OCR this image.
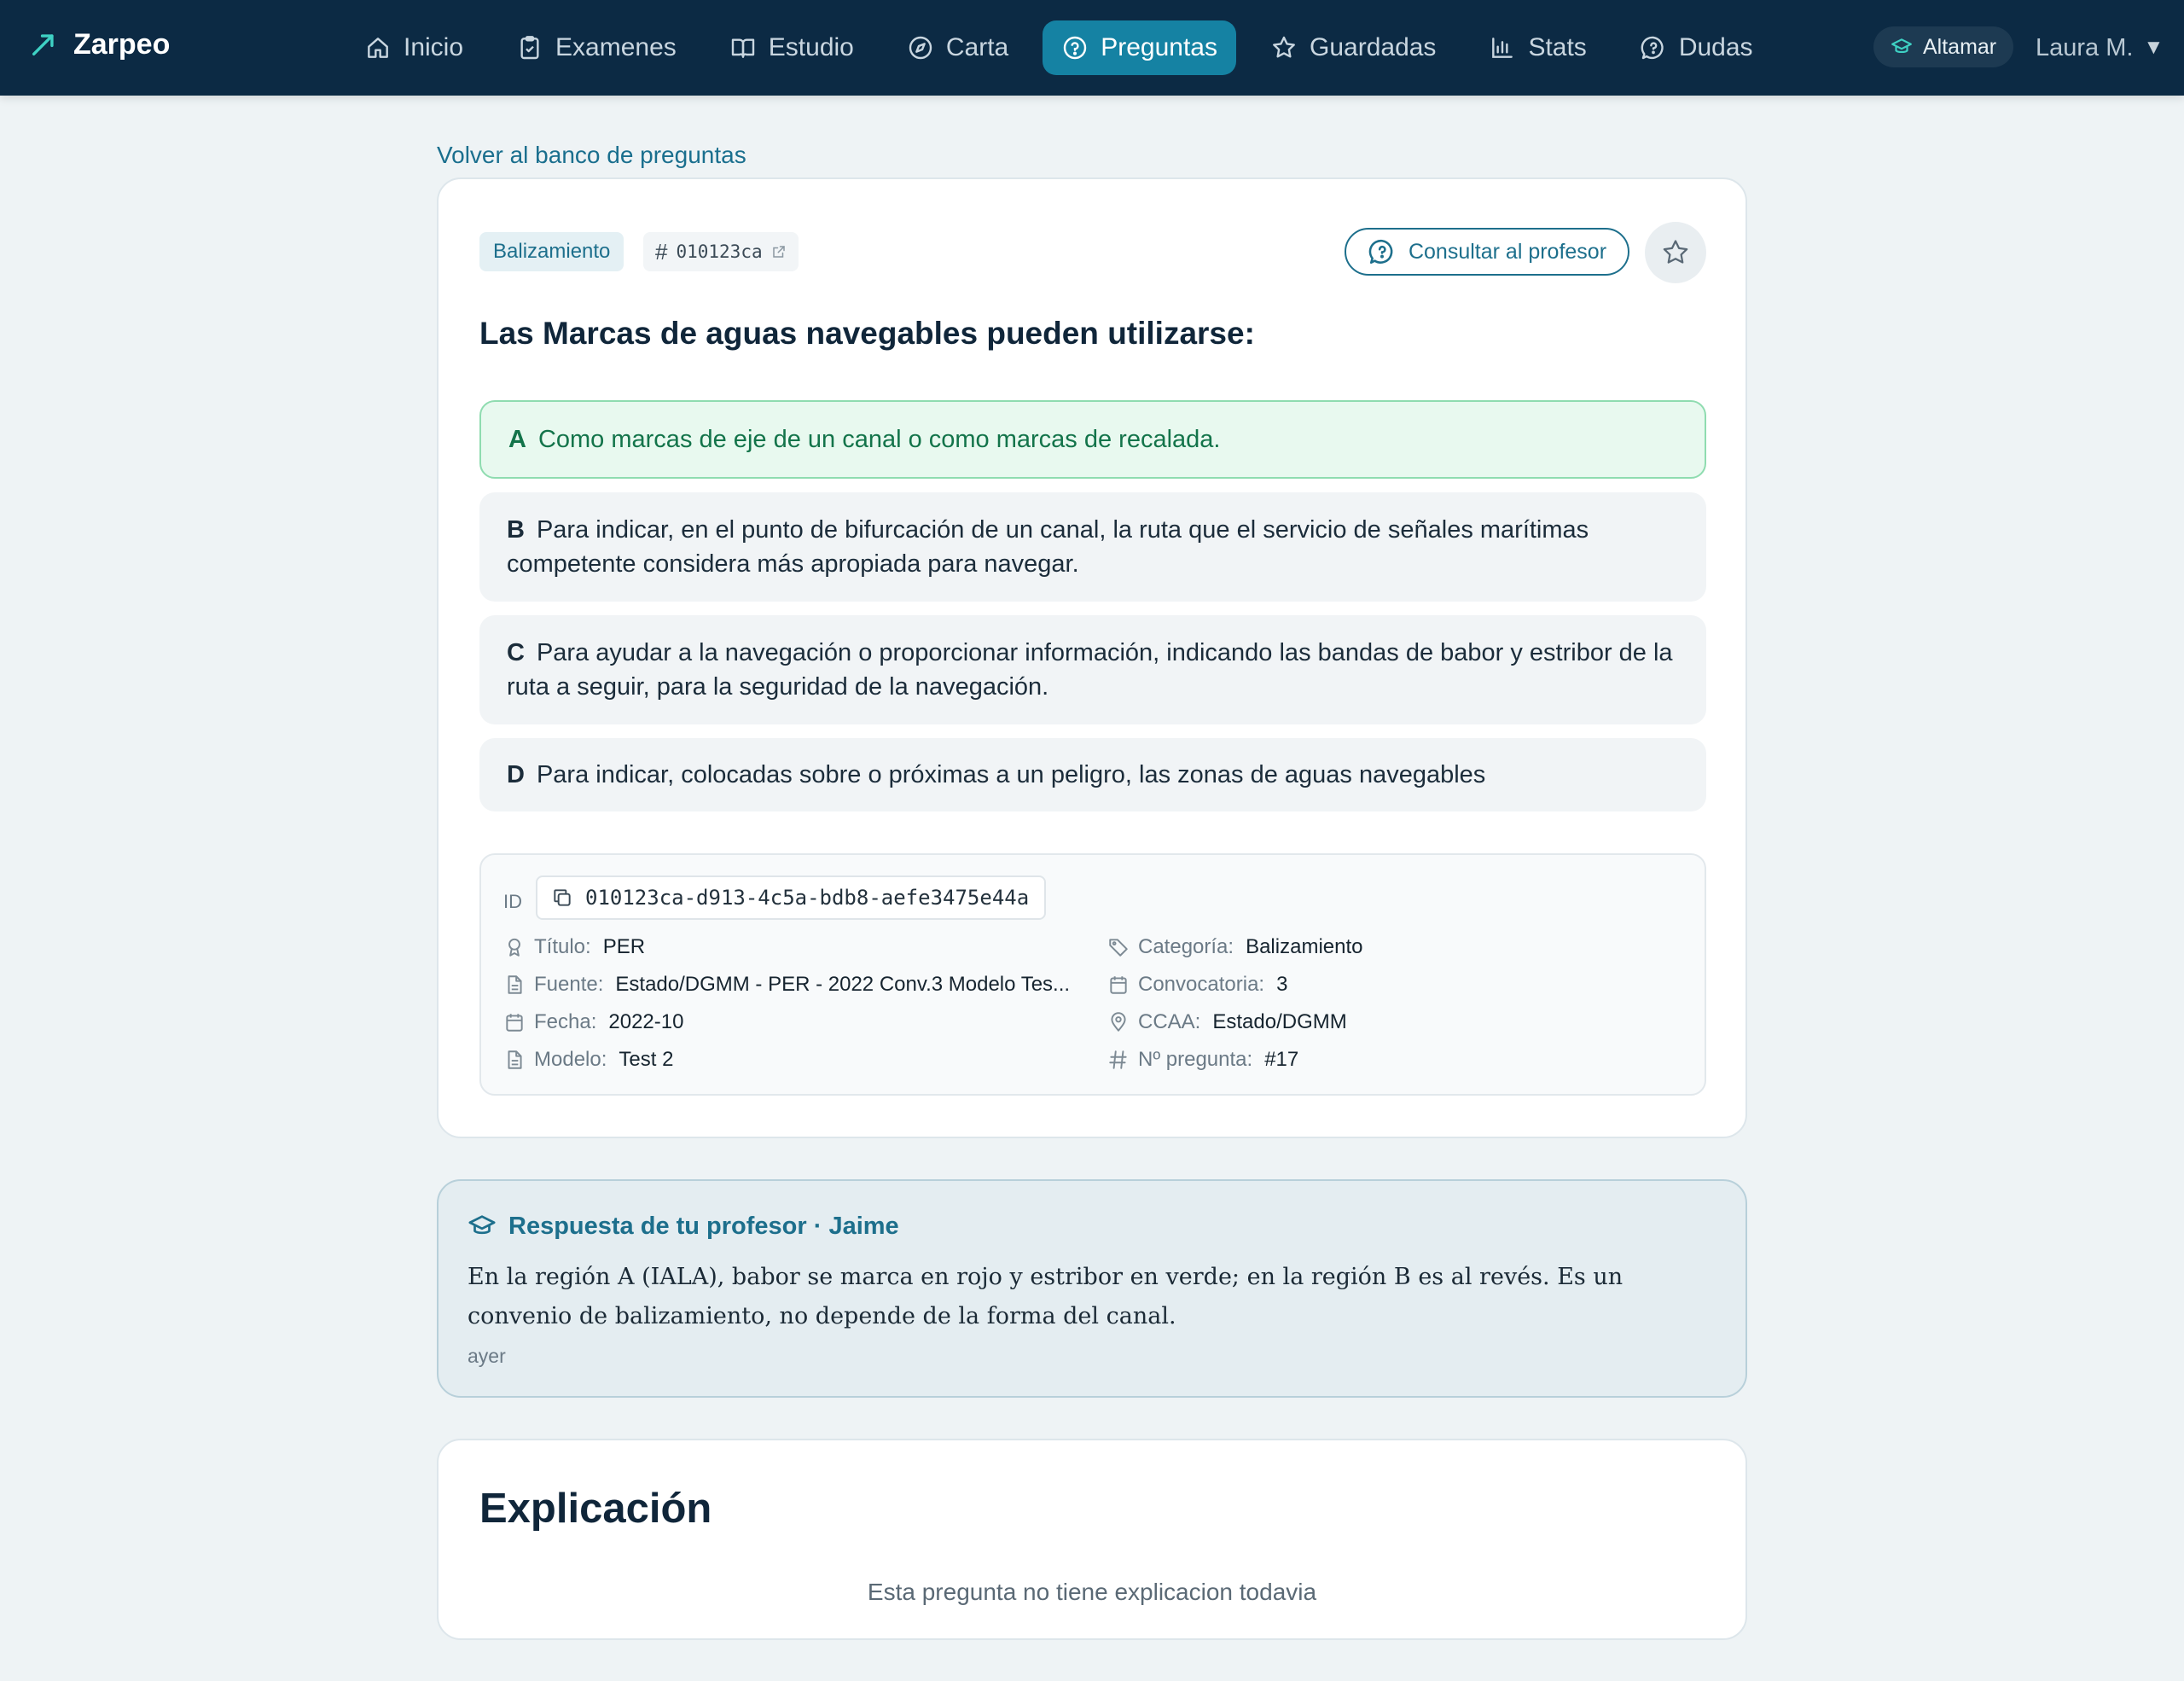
Zarpeo	Inicio	Examenes	Estudio	Carta	Preguntas	Guardadas	Stats	Dudas	Altamar Laura M. ▼
Volver al banco de preguntas
Balizamiento	# 010123ca	Consultar al profesor
Las Marcas de aguas navegables pueden utilizarse:
A Como marcas de eje de un canal o como marcas de recalada.
B Para indicar, en el punto de bifurcación de un canal, la ruta que el servicio de señales marítimas competente considera más apropiada para navegar.
C Para ayudar a la navegación o proporcionar información, indicando las bandas de babor y estribor de la ruta a seguir, para la seguridad de la navegación.
D Para indicar, colocadas sobre o próximas a un peligro, las zonas de aguas navegables
ID	010123ca-d913-4c5a-bdb8-aefe3475e44a
Título: PER
Fuente: Estado/DGMM - PER - 2022 Conv.3 Modelo Tes...
Fecha: 2022-10
Modelo: Test 2
Categoría: Balizamiento
Convocatoria: 3
CCAA: Estado/DGMM
Nº pregunta: #17
Respuesta de tu profesor · Jaime

En la región A (IALA), babor se marca en rojo y estribor en verde; en la región B es al revés. Es un convenio de balizamiento, no depende de la forma del canal.

ayer
Explicación

Esta pregunta no tiene explicacion todavia
